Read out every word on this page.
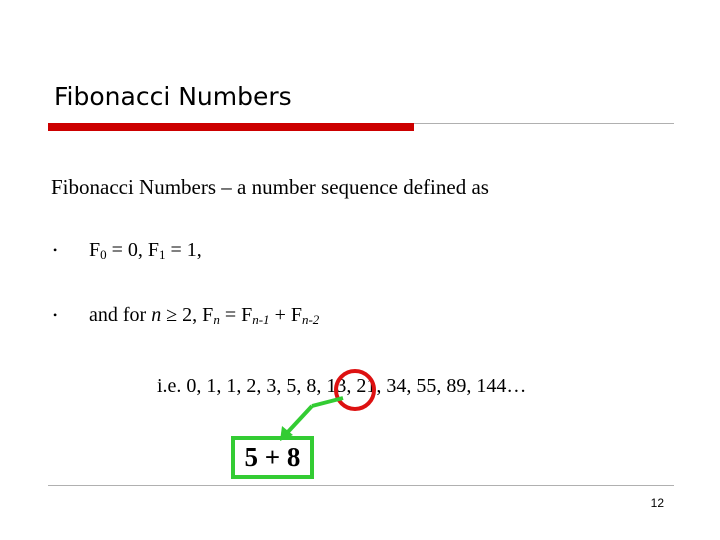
Fibonacci Numbers
Fibonacci Numbers – a number sequence defined as
• $F_0 = 0$, $F_1 = 1$,
• and for n ≥ 2, $F_n = F_{n-1} + F_{n-2}$
i.e. 0, 1, 1, 2, 3, 5, 8, 13, 21, 34, 55, 89, 144…
5 + 8
12
